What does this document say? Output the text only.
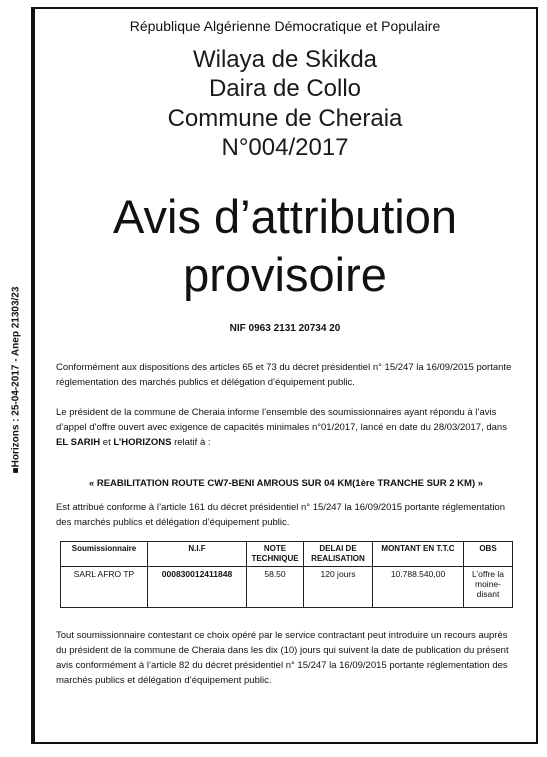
■Horizons : 25-04-2017 - Anep 21303/23
République Algérienne Démocratique et Populaire
Wilaya de Skikda
Daira de Collo
Commune de Cheraia
N°004/2017
Avis d’attribution
provisoire
NIF 0963 2131 20734 20
Conformément aux dispositions des articles 65 et 73 du décret présidentiel n° 15/247 la 16/09/2015 portante réglementation des marchés publics et délégation d’équipement public.
Le président de la commune de Cheraia informe l’ensemble des soumissionnaires ayant répondu à l’avis d’appel d’offre ouvert avec exigence de capacités minimales n°01/2017, lancé en date du 28/03/2017, dans EL SARIH et L’HORIZONS relatif à :
« REABILITATION ROUTE CW7-BENI AMROUS SUR 04 KM(1ère TRANCHE SUR 2 KM) »
Est attribué conforme à l’article 161 du décret présidentiel n° 15/247 la 16/09/2015 portante réglementation des marchés publics et délégation d’équipement public.
Soumissionnaire	N.I.F	NOTE TECHNIQUE	DELAI DE REALISATION	MONTANT EN T.T.C	OBS
SARL AFRO TP	000830012411848	58.50	120 jours	10.788.540,00	L’offre la moine- disant
Tout soumissionnaire contestant ce choix opéré par le service contractant peut introduire un recours auprès du président de la commune de Cheraia dans les dix (10) jours qui suivent la date de publication du présent avis conformément à l’article 82 du décret présidentiel n° 15/247 la 16/09/2015 portante réglementation des marchés publics et délégation d’équipement public.
